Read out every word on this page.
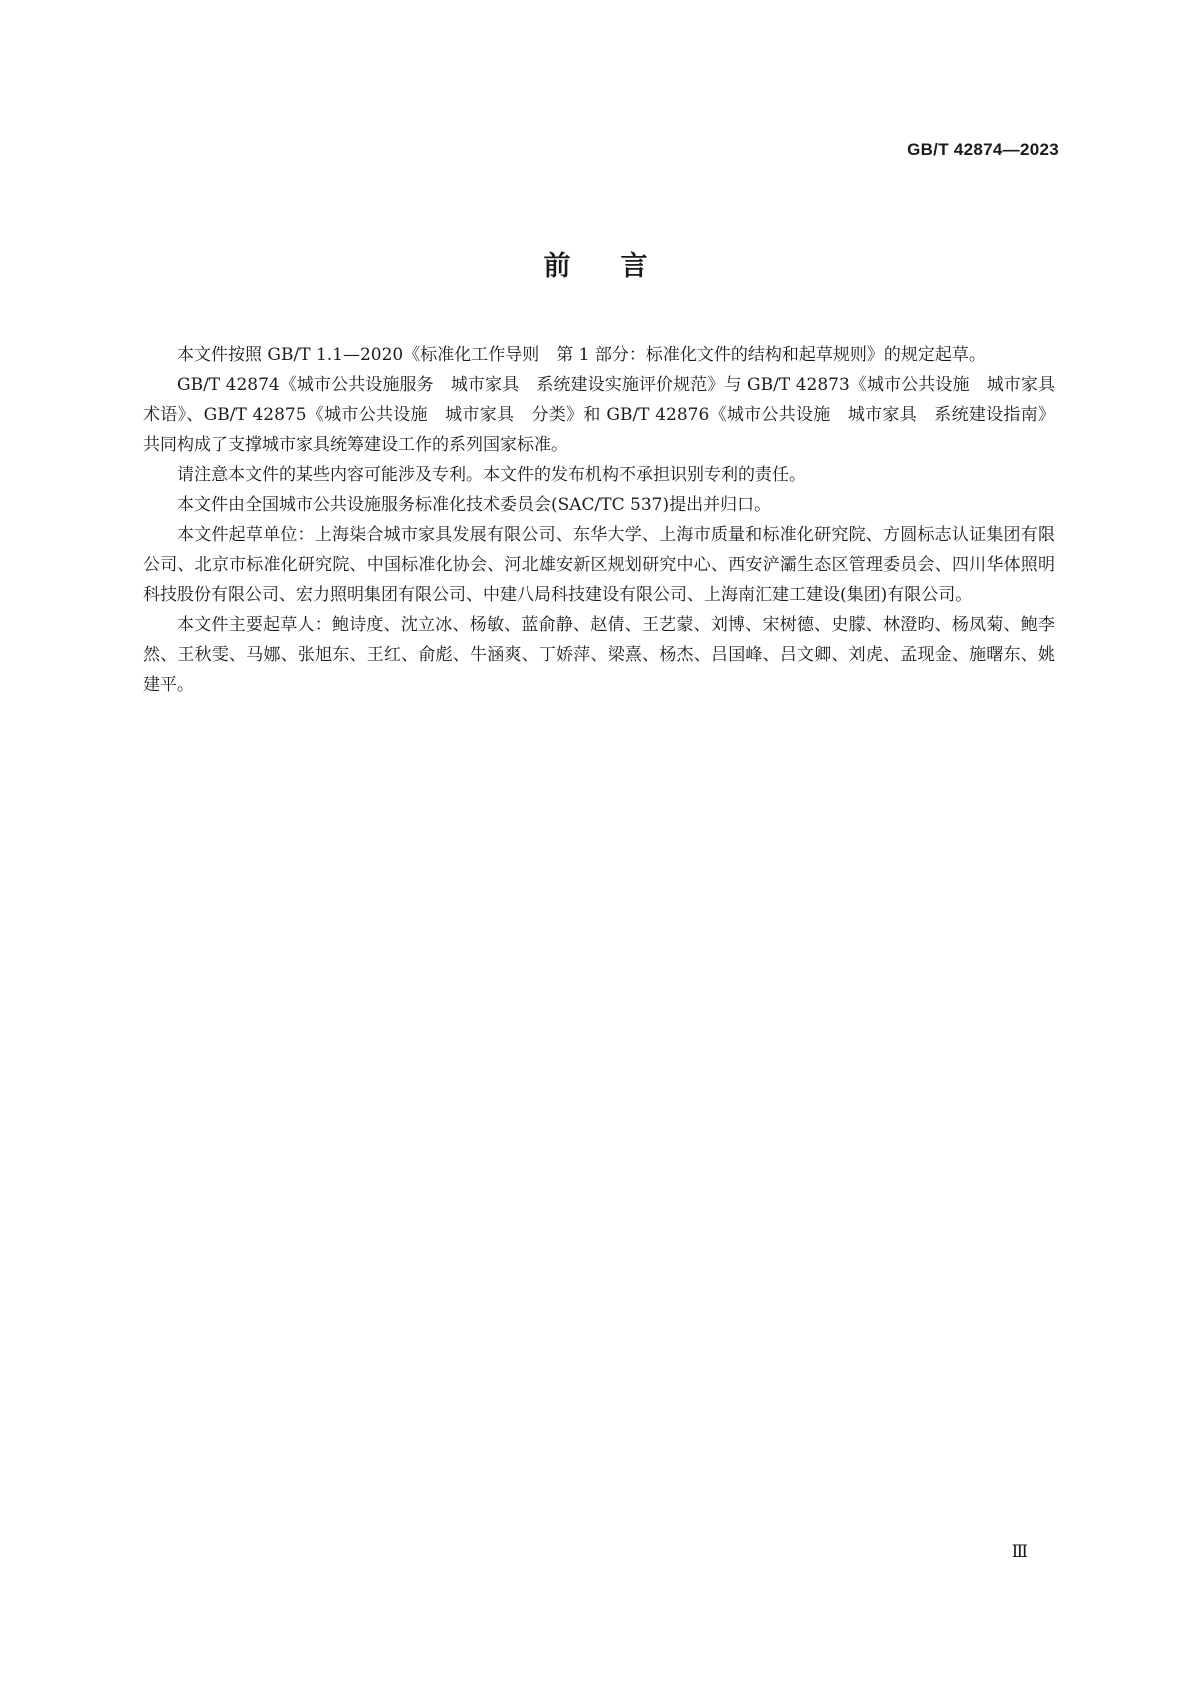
GB/T 42874—2023
前言

本文件按照 GB/T 1.1—2020《标准化工作导则　第 1 部分：标准化文件的结构和起草规则》的规定起草。

GB/T 42874《城市公共设施服务　城市家具　系统建设实施评价规范》与 GB/T 42873《城市公共设施　城市家具　术语》、GB/T 42875《城市公共设施　城市家具　分类》和 GB/T 42876《城市公共设施　城市家具　系统建设指南》共同构成了支撑城市家具统筹建设工作的系列国家标准。

请注意本文件的某些内容可能涉及专利。本文件的发布机构不承担识别专利的责任。

本文件由全国城市公共设施服务标准化技术委员会(SAC/TC 537)提出并归口。

本文件起草单位：上海柒合城市家具发展有限公司、东华大学、上海市质量和标准化研究院、方圆标志认证集团有限公司、北京市标准化研究院、中国标准化协会、河北雄安新区规划研究中心、西安浐灞生态区管理委员会、四川华体照明科技股份有限公司、宏力照明集团有限公司、中建八局科技建设有限公司、上海南汇建工建设(集团)有限公司。

本文件主要起草人：鲍诗度、沈立冰、杨敏、蓝俞静、赵倩、王艺蒙、刘博、宋树德、史朦、林澄昀、杨凤菊、鲍李然、王秋雯、马娜、张旭东、王红、俞彪、牛涵爽、丁娇萍、梁熹、杨杰、吕国峰、吕文卿、刘虎、孟现金、施曙东、姚建平。

Ⅲ
